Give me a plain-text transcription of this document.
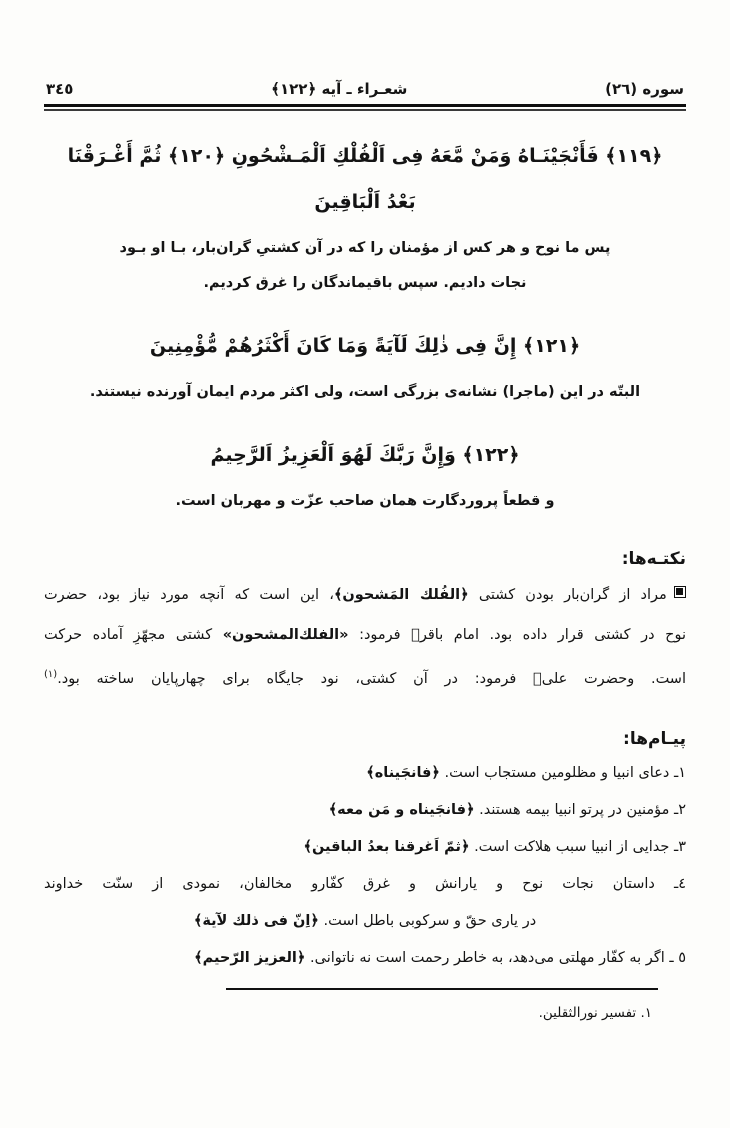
سوره (٢٦)
شعـراء ـ آیه ﴿١٢٢﴾
٣٤٥
﴿١١٩﴾ فَأَنْجَيْنَـاهُ وَمَنْ مَّعَهُ فِى اَلْفُلْكِ اَلْمَـشْحُونِ ﴿١٢٠﴾ ثُمَّ أَغْـرَقْنَا
بَعْدُ اَلْبَاقِينَ
پس ما نوح و هر کس از مؤمنان را که در آن کشتیِ گران‌بار، بـا او بـود
نجات دادیم. سپس باقیماندگان را غرق کردیم.
﴿١٢١﴾ إِنَّ فِى ذٰلِكَ لَآيَةً وَمَا كَانَ أَكْثَرُهُمْ مُّؤْمِنِينَ
البتّه در این (ماجرا) نشانه‌ی بزرگی است، ولی اکثر مردم ایمان آورنده نیستند.
﴿١٢٢﴾ وَإِنَّ رَبَّكَ لَهُوَ اَلْعَزِيزُ اَلرَّحِيمُ
و قطعاً پروردگارت همان صاحب عزّت و مهربان است.
نکتـه‌ها:
مراد از گران‌بار بودن کشتی ﴿الفُلك المَشحون﴾، این است که آنچه مورد نیاز بود، حضرت
نوح در کشتی قرار داده بود. امام باقرؑ فرمود: «الفلك‌المشحون» کشتی مجهّزِ آماده حرکت
است. وحضرت علیؑ فرمود: در آن کشتی، نود جایگاه برای چهارپایان ساخته بود.$^{(١)}$
پیـام‌ها:
١ـ دعای انبیا و مظلومین مستجاب است. ﴿فانجَیناه﴾
٢ـ مؤمنین در پرتو انبیا بیمه هستند. ﴿فانجَیناه و مَن معه﴾
٣ـ جدایی از انبیا سبب هلاکت است. ﴿ثمّ اَغرقنا بعدُ الباقین﴾
٤ـ داستان نجات نوح و یارانش و غرق کفّارو مخالفان، نمودی از سنّت خداوند
در یاری حقّ و سرکوبی باطل است. ﴿اِنّ فی ذلك لآیة﴾
٥ ـ اگر به کفّار مهلتی می‌دهد، به خاطر رحمت است نه ناتوانی. ﴿العزیز الرّحیم﴾
١. تفسیر نورالثقلین.
